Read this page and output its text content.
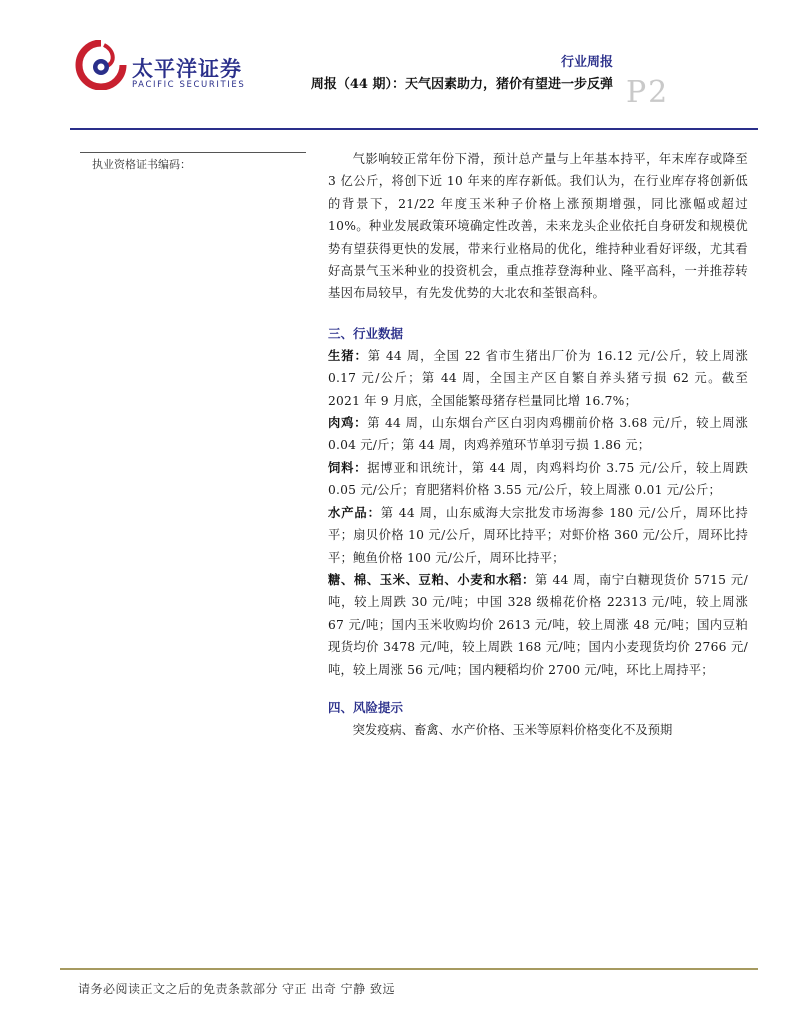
太平洋证券
PACIFIC SECURITIES
行业周报
周报（44 期）：天气因素助力，猪价有望进一步反弹 P2
执业资格证书编码：	气影响较正常年份下滑，预计总产量与上年基本持平，年末库存或降至 3 亿公斤，将创下近 10 年来的库存新低。我们认为，在行业库存将创新低的背景下，21/22 年度玉米种子价格上涨预期增强，同比涨幅或超过 10%。种业发展政策环境确定性改善，未来龙头企业依托自身研发和规模优势有望获得更快的发展，带来行业格局的优化，维持种业看好评级，尤其看好高景气玉米种业的投资机会，重点推荐登海种业、隆平高科，一并推荐转基因布局较早，有先发优势的大北农和荃银高科。

三、行业数据

生猪：第 44 周，全国 22 省市生猪出厂价为 16.12 元/公斤，较上周涨 0.17 元/公斤；第 44 周，全国主产区自繁自养头猪亏损 62 元。截至 2021 年 9 月底，全国能繁母猪存栏量同比增 16.7%；

肉鸡：第 44 周，山东烟台产区白羽肉鸡棚前价格 3.68 元/斤，较上周涨 0.04 元/斤；第 44 周，肉鸡养殖环节单羽亏损 1.86 元；

饲料：据博亚和讯统计，第 44 周，肉鸡料均价 3.75 元/公斤，较上周跌 0.05 元/公斤；育肥猪料价格 3.55 元/公斤，较上周涨 0.01 元/公斤；

水产品：第 44 周，山东威海大宗批发市场海参 180 元/公斤，周环比持平；扇贝价格 10 元/公斤，周环比持平；对虾价格 360 元/公斤，周环比持平；鲍鱼价格 100 元/公斤，周环比持平；

糖、棉、玉米、豆粕、小麦和水稻：第 44 周，南宁白糖现货价 5715 元/吨，较上周跌 30 元/吨；中国 328 级棉花价格 22313 元/吨，较上周涨 67 元/吨；国内玉米收购均价 2613 元/吨，较上周涨 48 元/吨；国内豆粕现货均价 3478 元/吨，较上周跌 168 元/吨；国内小麦现货均价 2766 元/吨，较上周涨 56 元/吨；国内粳稻均价 2700 元/吨，环比上周持平；

四、风险提示

突发疫病、畜禽、水产价格、玉米等原料价格变化不及预期

请务必阅读正文之后的免责条款部分 守正 出奇 宁静 致远
